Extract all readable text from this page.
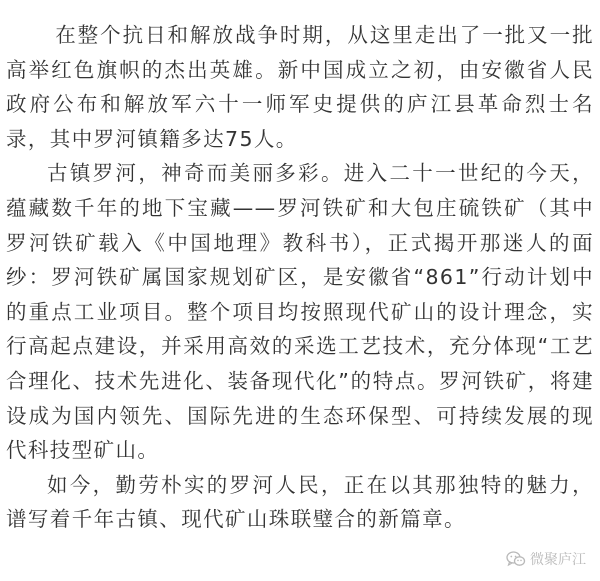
在整个抗日和解放战争时期，从这里走出了一批又一批高举红色旗帜的杰出英雄。新中国成立之初，由安徽省人民政府公布和解放军六十一师军史提供的庐江县革命烈士名录，其中罗河镇籍多达75人。

古镇罗河，神奇而美丽多彩。进入二十一世纪的今天，蕴藏数千年的地下宝藏——罗河铁矿和大包庄硫铁矿（其中罗河铁矿载入《中国地理》教科书），正式揭开那迷人的面纱：罗河铁矿属国家规划矿区，是安徽省“861”行动计划中的重点工业项目。整个项目均按照现代矿山的设计理念，实行高起点建设，并采用高效的采选工艺技术，充分体现“工艺合理化、技术先进化、装备现代化”的特点。罗河铁矿，将建设成为国内领先、国际先进的生态环保型、可持续发展的现代科技型矿山。

如今，勤劳朴实的罗河人民，正在以其那独特的魅力，谱写着千年古镇、现代矿山珠联璧合的新篇章。

微聚庐江
